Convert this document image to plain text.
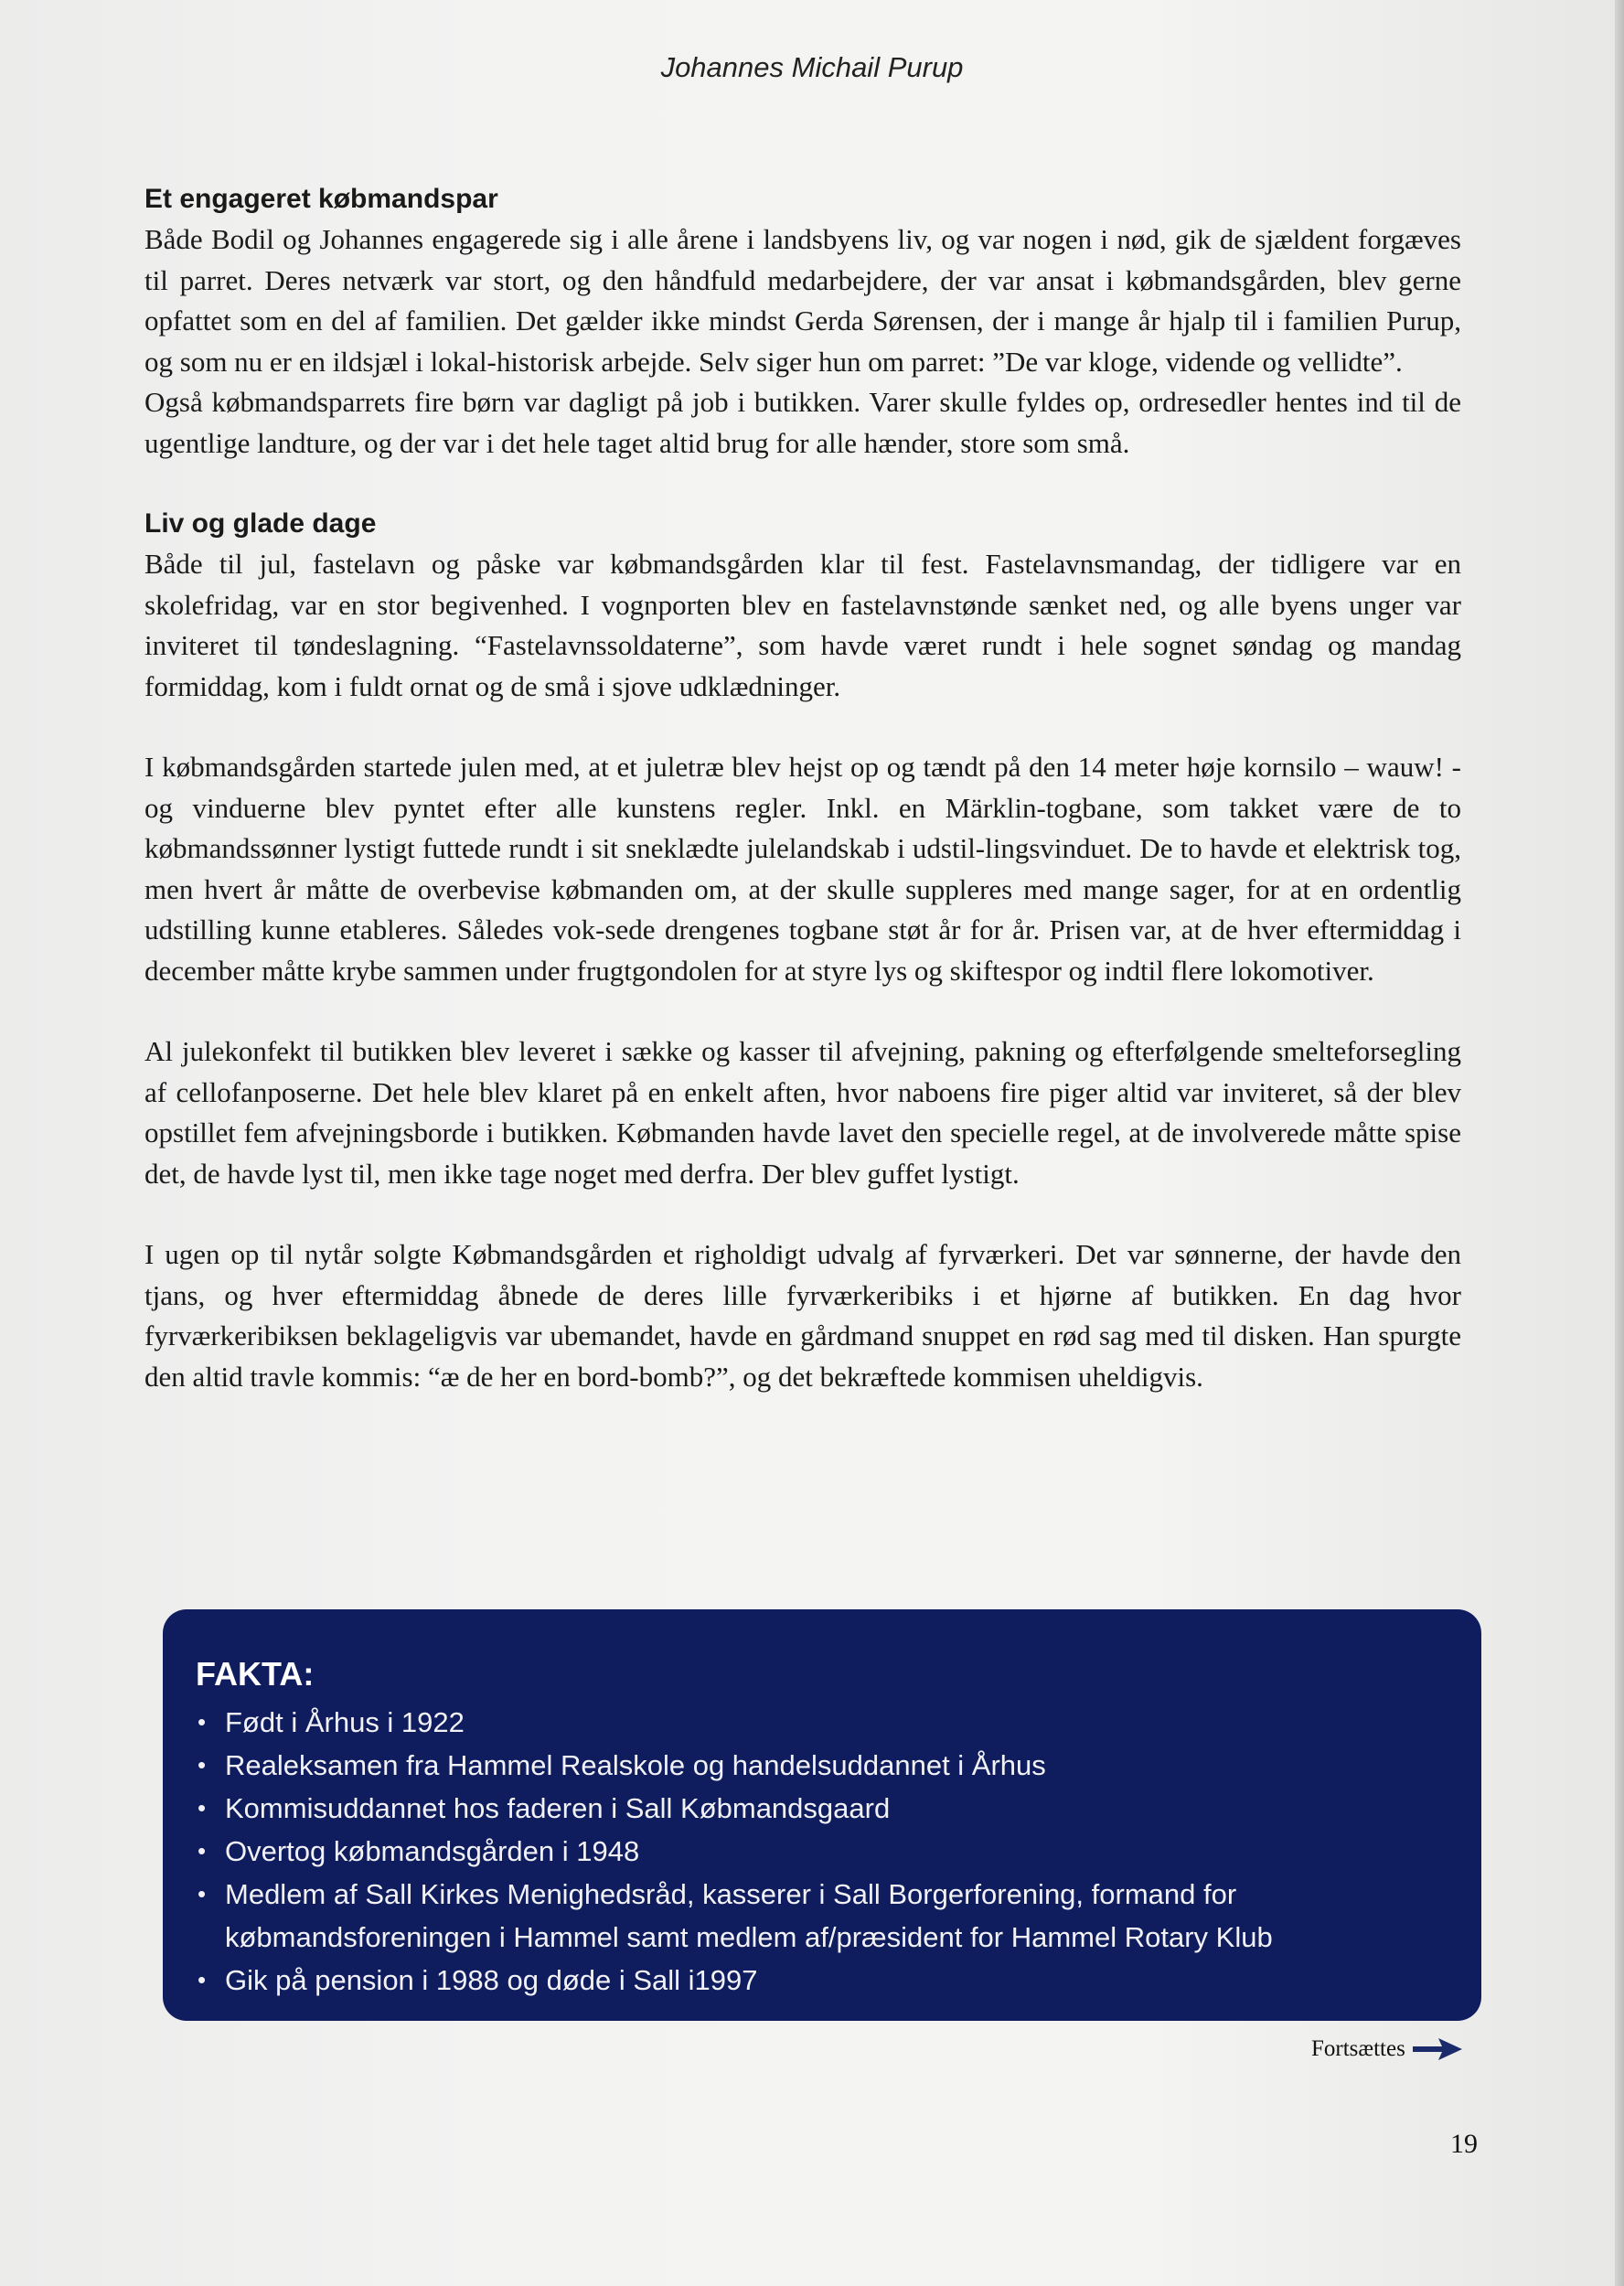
Johannes Michail Purup
Et engageret købmandspar

Både Bodil og Johannes engagerede sig i alle årene i landsbyens liv, og var nogen i nød, gik de sjældent forgæves til parret. Deres netværk var stort, og den håndfuld medarbejdere, der var ansat i købmandsgården, blev gerne opfattet som en del af familien. Det gælder ikke mindst Gerda Sørensen, der i mange år hjalp til i familien Purup, og som nu er en ildsjæl i lokal-historisk arbejde. Selv siger hun om parret: ”De var kloge, vidende og vellidte”.

Også købmandsparrets fire børn var dagligt på job i butikken. Varer skulle fyldes op, ordresedler hentes ind til de ugentlige landture, og der var i det hele taget altid brug for alle hænder, store som små.

Liv og glade dage

Både til jul, fastelavn og påske var købmandsgården klar til fest. Fastelavnsmandag, der tidligere var en skolefridag, var en stor begivenhed. I vognporten blev en fastelavnstønde sænket ned, og alle byens unger var inviteret til tøndeslagning. “Fastelavnssoldaterne”, som havde været rundt i hele sognet søndag og mandag formiddag, kom i fuldt ornat og de små i sjove udklædninger.

I købmandsgården startede julen med, at et juletræ blev hejst op og tændt på den 14 meter høje kornsilo – wauw! - og vinduerne blev pyntet efter alle kunstens regler. Inkl. en Märklin-togbane, som takket være de to købmandssønner lystigt futtede rundt i sit sneklædte julelandskab i udstil-lingsvinduet. De to havde et elektrisk tog, men hvert år måtte de overbevise købmanden om, at der skulle suppleres med mange sager, for at en ordentlig udstilling kunne etableres. Således vok-sede drengenes togbane støt år for år. Prisen var, at de hver eftermiddag i december måtte krybe sammen under frugtgondolen for at styre lys og skiftespor og indtil flere lokomotiver.

Al julekonfekt til butikken blev leveret i sække og kasser til afvejning, pakning og efterfølgende smelteforsegling af cellofanposerne. Det hele blev klaret på en enkelt aften, hvor naboens fire piger altid var inviteret, så der blev opstillet fem afvejningsborde i butikken. Købmanden havde lavet den specielle regel, at de involverede måtte spise det, de havde lyst til, men ikke tage noget med derfra. Der blev guffet lystigt.

I ugen op til nytår solgte Købmandsgården et righoldigt udvalg af fyrværkeri. Det var sønnerne, der havde den tjans, og hver eftermiddag åbnede de deres lille fyrværkeribiks i et hjørne af butikken. En dag hvor fyrværkeribiksen beklageligvis var ubemandet, havde en gårdmand snuppet en rød sag med til disken. Han spurgte den altid travle kommis: “æ de her en bord-bomb?”, og det bekræftede kommisen uheldigvis.

FAKTA:
• Født i Århus i 1922
• Realeksamen fra Hammel Realskole og handelsuddannet i Århus
• Kommisuddannet hos faderen i Sall Købmandsgaard
• Overtog købmandsgården i 1948
• Medlem af Sall Kirkes Menighedsråd, kasserer i Sall Borgerforening, formand for købmandsforeningen i Hammel samt medlem af/præsident for Hammel Rotary Klub
• Gik på pension i 1988 og døde i Sall i1997
Fortsættes
19
